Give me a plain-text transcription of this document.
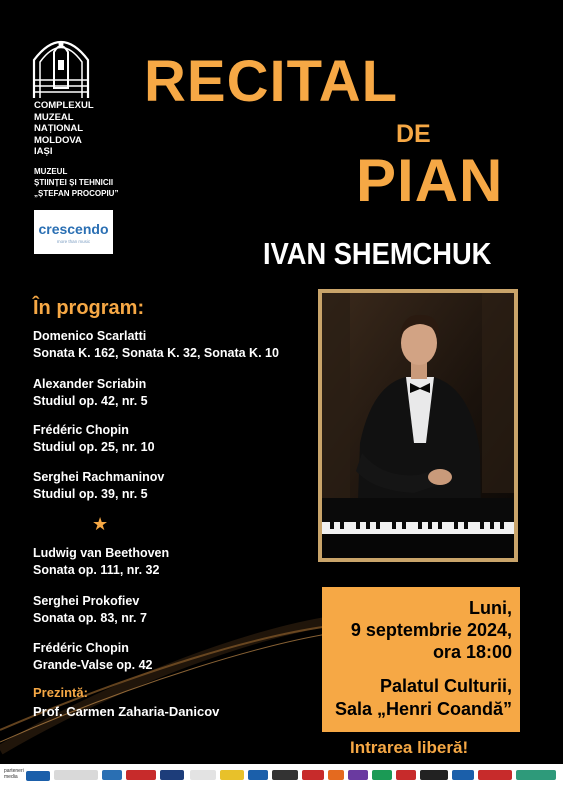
COMPLEXUL
MUZEAL
NAȚIONAL
MOLDOVA
IAȘI
MUZEUL
ȘTIINȚEI ȘI TEHNICII
„ȘTEFAN PROCOPIU”
crescendo
more than music
RECITAL
DE
PIAN
IVAN SHEMCHUK
În program:
Domenico Scarlatti
Sonata K. 162, Sonata K. 32, Sonata K. 10
Alexander Scriabin
Studiul op. 42, nr. 5
Frédéric Chopin
Studiul op. 25, nr. 10
Serghei Rachmaninov
Studiul op. 39, nr. 5
★
Ludwig van Beethoven
Sonata op. 111, nr. 32
Serghei Prokofiev
Sonata op. 83, nr. 7
Frédéric Chopin
Grande-Valse op. 42
Prezintă:
Prof. Carmen Zaharia-Danicov
Luni,
9 septembrie 2024,
ora 18:00
Palatul Culturii,
Sala „Henri Coandă”
Intrarea liberă!
parteneri media
